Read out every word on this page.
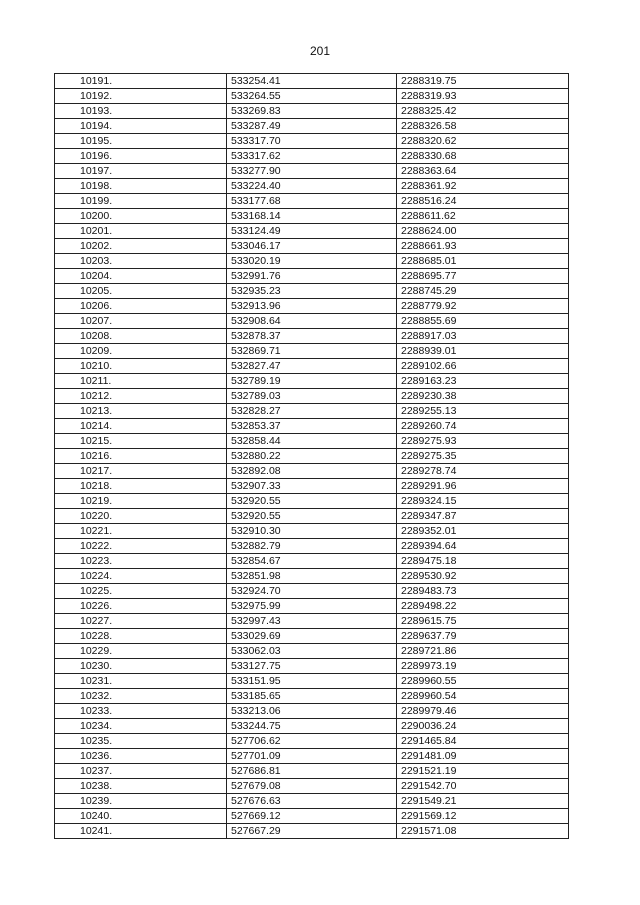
201
10191.	533254.41	2288319.75
10192.	533264.55	2288319.93
10193.	533269.83	2288325.42
10194.	533287.49	2288326.58
10195.	533317.70	2288320.62
10196.	533317.62	2288330.68
10197.	533277.90	2288363.64
10198.	533224.40	2288361.92
10199.	533177.68	2288516.24
10200.	533168.14	2288611.62
10201.	533124.49	2288624.00
10202.	533046.17	2288661.93
10203.	533020.19	2288685.01
10204.	532991.76	2288695.77
10205.	532935.23	2288745.29
10206.	532913.96	2288779.92
10207.	532908.64	2288855.69
10208.	532878.37	2288917.03
10209.	532869.71	2288939.01
10210.	532827.47	2289102.66
10211.	532789.19	2289163.23
10212.	532789.03	2289230.38
10213.	532828.27	2289255.13
10214.	532853.37	2289260.74
10215.	532858.44	2289275.93
10216.	532880.22	2289275.35
10217.	532892.08	2289278.74
10218.	532907.33	2289291.96
10219.	532920.55	2289324.15
10220.	532920.55	2289347.87
10221.	532910.30	2289352.01
10222.	532882.79	2289394.64
10223.	532854.67	2289475.18
10224.	532851.98	2289530.92
10225.	532924.70	2289483.73
10226.	532975.99	2289498.22
10227.	532997.43	2289615.75
10228.	533029.69	2289637.79
10229.	533062.03	2289721.86
10230.	533127.75	2289973.19
10231.	533151.95	2289960.55
10232.	533185.65	2289960.54
10233.	533213.06	2289979.46
10234.	533244.75	2290036.24
10235.	527706.62	2291465.84
10236.	527701.09	2291481.09
10237.	527686.81	2291521.19
10238.	527679.08	2291542.70
10239.	527676.63	2291549.21
10240.	527669.12	2291569.12
10241.	527667.29	2291571.08
